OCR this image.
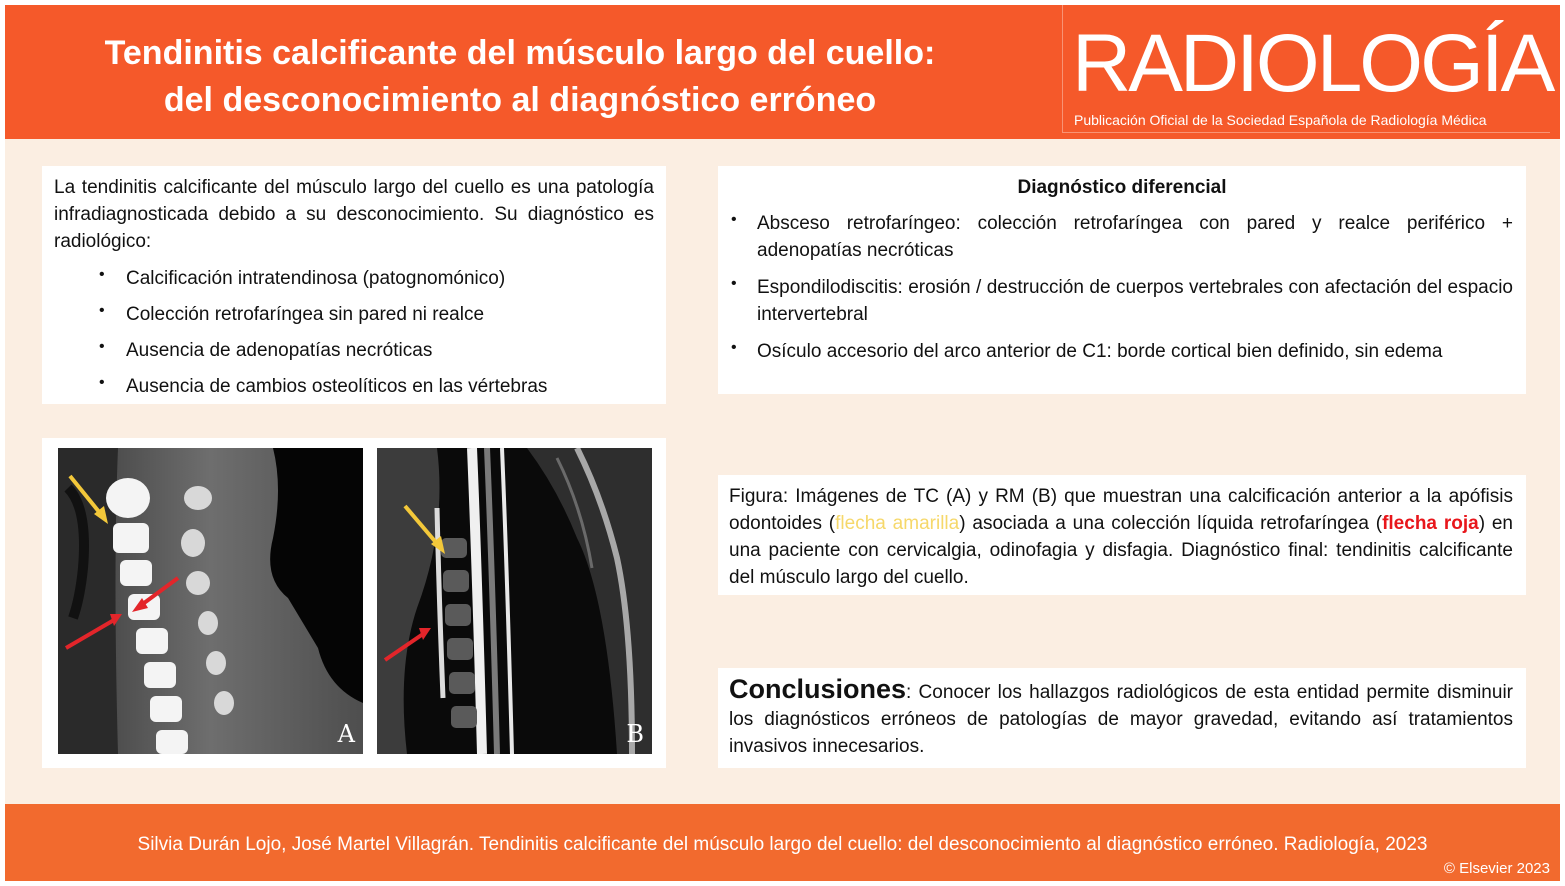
Tendinitis calcificante del músculo largo del cuello:
del desconocimiento al diagnóstico erróneo	RADIOLOGÍA
Publicación Oficial de la Sociedad Española de Radiología Médica

La tendinitis calcificante del músculo largo del cuello es una patología infradiagnosticada debido a su desconocimiento. Su diagnóstico es radiológico:

• Calcificación intratendinosa (patognomónico)
• Colección retrofaríngea sin pared ni realce
• Ausencia de adenopatías necróticas
• Ausencia de cambios osteolíticos en las vértebras
Diagnóstico diferencial
• Absceso retrofaríngeo: colección retrofaríngea con pared y realce periférico + adenopatías necróticas
• Espondilodiscitis: erosión / destrucción de cuerpos vertebrales con afectación del espacio intervertebral
• Osículo accesorio del arco anterior de C1: borde cortical bien definido, sin edema
A	B

Figura: Imágenes de TC (A) y RM (B) que muestran una calcificación anterior a la apófisis odontoides (flecha amarilla) asociada a una colección líquida retrofaríngea (flecha roja) en una paciente con cervicalgia, odinofagia y disfagia. Diagnóstico final: tendinitis calcificante del músculo largo del cuello.

Conclusiones: Conocer los hallazgos radiológicos de esta entidad permite disminuir los diagnósticos erróneos de patologías de mayor gravedad, evitando así tratamientos invasivos innecesarios.

Silvia Durán Lojo, José Martel Villagrán. Tendinitis calcificante del músculo largo del cuello: del desconocimiento al diagnóstico erróneo. Radiología, 2023
© Elsevier 2023
